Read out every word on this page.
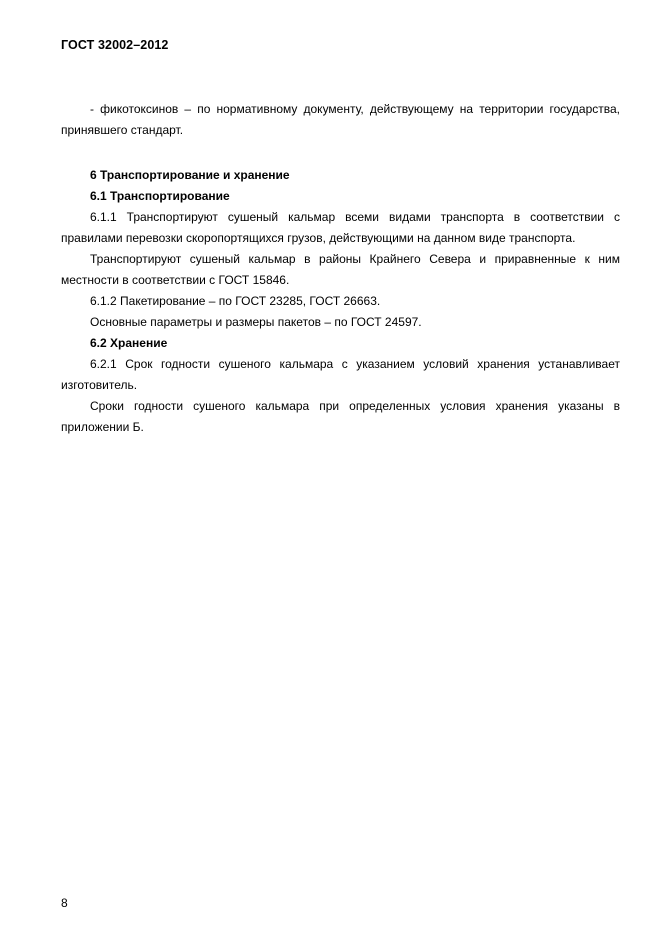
ГОСТ 32002–2012

- фикотоксинов – по нормативному документу, действующему на территории государства, принявшего стандарт.

6 Транспортирование и хранение

6.1 Транспортирование

6.1.1 Транспортируют сушеный кальмар всеми видами транспорта в соответствии с правилами перевозки скоропортящихся грузов, действующими на данном виде транспорта.

Транспортируют сушеный кальмар в районы Крайнего Севера и приравненные к ним местности в соответствии с ГОСТ 15846.

6.1.2 Пакетирование – по ГОСТ 23285, ГОСТ 26663.

Основные параметры и размеры пакетов – по ГОСТ 24597.

6.2 Хранение

6.2.1 Срок годности сушеного кальмара с указанием условий хранения устанавливает изготовитель.

Сроки годности сушеного кальмара при определенных условия хранения указаны в приложении Б.

8
